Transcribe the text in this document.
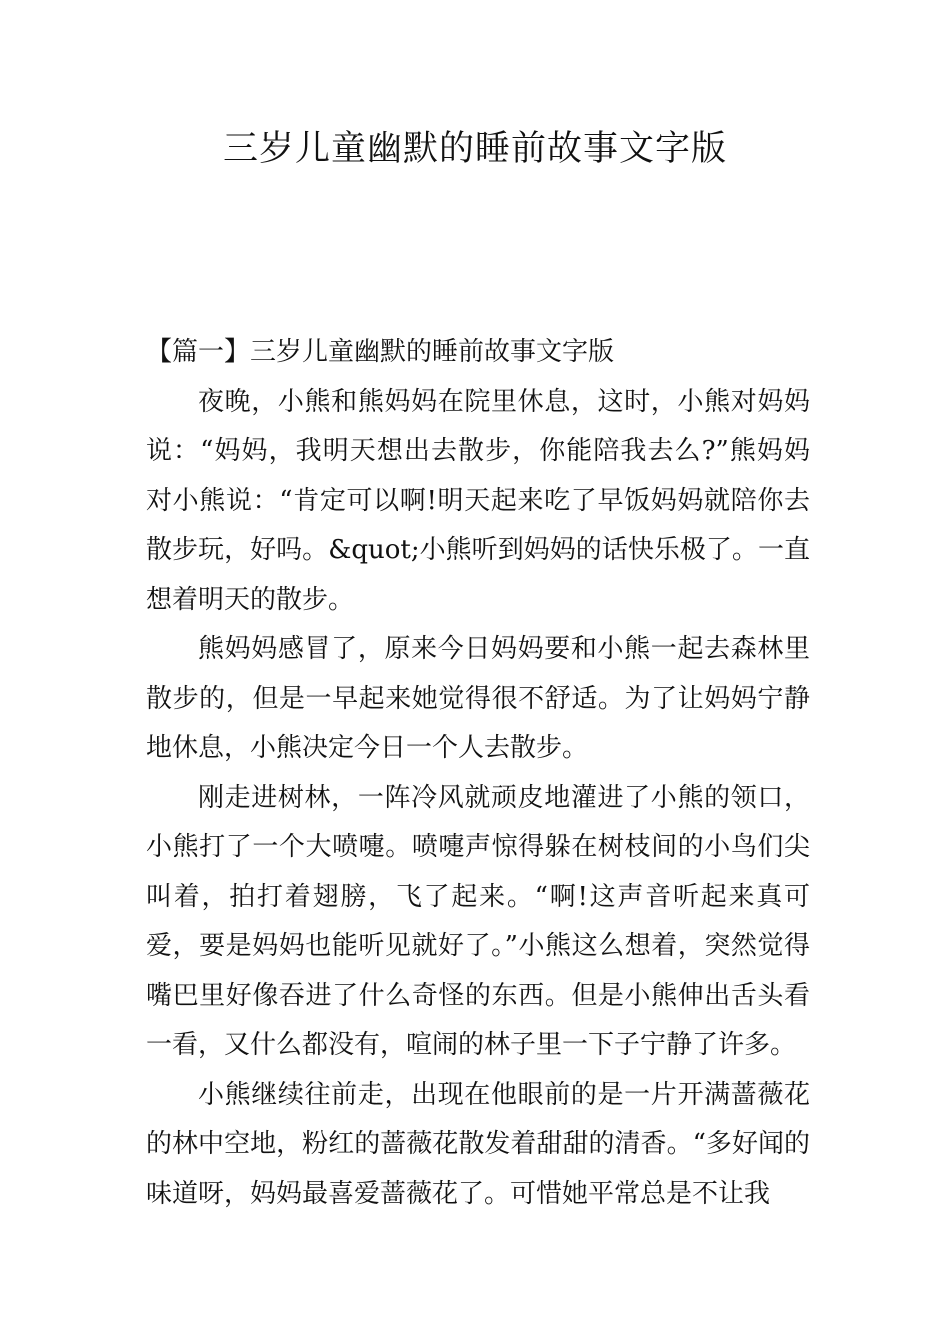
三岁儿童幽默的睡前故事文字版

【篇一】三岁儿童幽默的睡前故事文字版

夜晚，小熊和熊妈妈在院里休息，这时，小熊对妈妈说：“妈妈，我明天想出去散步，你能陪我去么?”熊妈妈对小熊说：“肯定可以啊!明天起来吃了早饭妈妈就陪你去散步玩，好吗。&quot;小熊听到妈妈的话快乐极了。一直想着明天的散步。

熊妈妈感冒了，原来今日妈妈要和小熊一起去森林里散步的，但是一早起来她觉得很不舒适。为了让妈妈宁静地休息，小熊决定今日一个人去散步。

刚走进树林，一阵冷风就顽皮地灌进了小熊的领口，小熊打了一个大喷嚏。喷嚏声惊得躲在树枝间的小鸟们尖叫着，拍打着翅膀，飞了起来。“啊!这声音听起来真可爱，要是妈妈也能听见就好了。”小熊这么想着，突然觉得嘴巴里好像吞进了什么奇怪的东西。但是小熊伸出舌头看一看，又什么都没有，喧闹的林子里一下子宁静了许多。

小熊继续往前走，出现在他眼前的是一片开满蔷薇花的林中空地，粉红的蔷薇花散发着甜甜的清香。“多好闻的味道呀，妈妈最喜爱蔷薇花了。可惜她平常总是不让我
